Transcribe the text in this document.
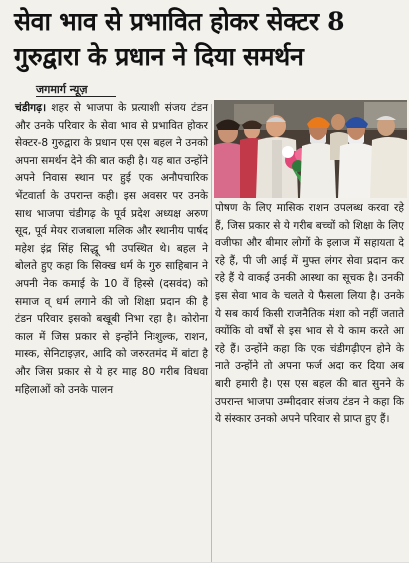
सेवा भाव से प्रभावित होकर सेक्टर 8
गुरुद्वारा के प्रधान ने दिया समर्थन
जगमार्ग न्यूज़

चंडीगढ़। शहर से भाजपा के प्रत्याशी संजय टंडन और उनके परिवार के सेवा भाव से प्रभावित होकर सेक्टर-8 गुरुद्वारा के प्रधान एस एस बहल ने उनको अपना समर्थन देने की बात कही है। यह बात उन्होंने अपने निवास स्थान पर हुई एक अनौपचारिक भेंटवार्ता के उपरान्त कही। इस अवसर पर उनके साथ भाजपा चंडीगढ़ के पूर्व प्रदेश अध्यक्ष अरुण सूद, पूर्व मेयर राजबाला मलिक और स्थानीय पार्षद महेश इंद्र सिंह सिद्धू भी उपस्थित थे। बहल ने बोलते हुए कहा कि सिक्ख धर्म के गुरु साहिबान ने अपनी नेक कमाई के 10 वें हिस्से (दसवंद) को समाज व् धर्म लगाने की जो शिक्षा प्रदान की है टंडन परिवार इसको बखूबी निभा रहा है। कोरोना काल में जिस प्रकार से इन्होंने निःशुल्क, राशन, मास्क, सेनिटाइज़र, आदि को जरुरतमंद में बांटा है और जिस प्रकार से ये हर माह 80 गरीब विधवा महिलाओं को उनके पालन

पोषण के लिए मासिक राशन उपलब्ध करवा रहे हैं, जिस प्रकार से ये गरीब बच्चों को शिक्षा के लिए वजीफा और बीमार लोगों के इलाज में सहायता दे रहे हैं, पी जी आई में मुफ्त लंगर सेवा प्रदान कर रहे हैं ये वाकई उनकी आस्था का सूचक है। उनकी इस सेवा भाव के चलते ये फैसला लिया है। उनके ये सब कार्य किसी राजनैतिक मंशा को नहीं जताते क्योंकि वो वर्षों से इस भाव से ये काम करते आ रहे हैं। उन्होंने कहा कि एक चंडीगढ़ीएन होने के नाते उन्होंने तो अपना फर्ज अदा कर दिया अब बारी हमारी है। एस एस बहल की बात सुनने के उपरान्त भाजपा उम्मीदवार संजय टंडन ने कहा कि ये संस्कार उनको अपने परिवार से प्राप्त हुए हैं।
